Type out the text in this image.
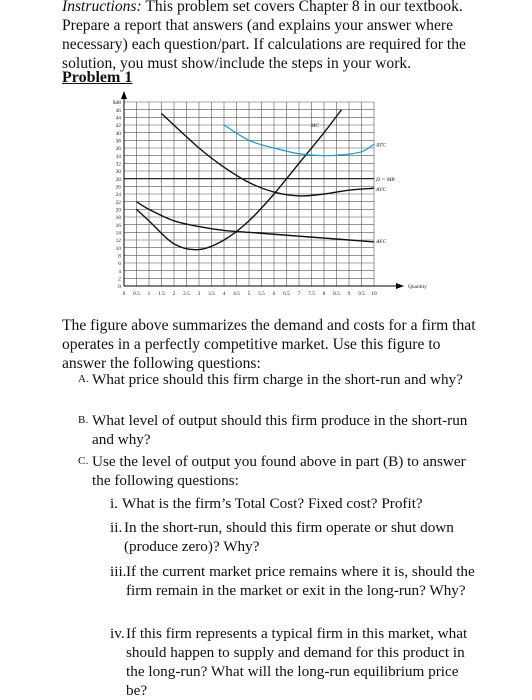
Instructions: This problem set covers Chapter 8 in our textbook. Prepare a report that answers (and explains your answer where necessary) each question/part. If calculations are required for the solution, you must show/include the steps in your work.
Problem 1
$48
46
44
42
40
38
36
34
32
30
28
26
24
22
20
18
16
14
12
10
8
6
4
2
0
0 0.5 1 1.5 2 2.5 3 3.5 4 4.5 5 5.5 6 6.5 7 7.5 8 8.5 9 9.5 10
Quantity
MC
ATC
D = MR
AVC
AFC
The figure above summarizes the demand and costs for a firm that operates in a perfectly competitive market. Use this figure to answer the following questions:
A. What price should this firm charge in the short-run and why?
B. What level of output should this firm produce in the short-run and why?
C. Use the level of output you found above in part (B) to answer the following questions:
i. What is the firm’s Total Cost? Fixed cost? Profit?
ii. In the short-run, should this firm operate or shut down (produce zero)? Why?
iii. If the current market price remains where it is, should the firm remain in the market or exit in the long-run? Why?
iv. If this firm represents a typical firm in this market, what should happen to supply and demand for this product in the long-run? What will the long-run equilibrium price be?
